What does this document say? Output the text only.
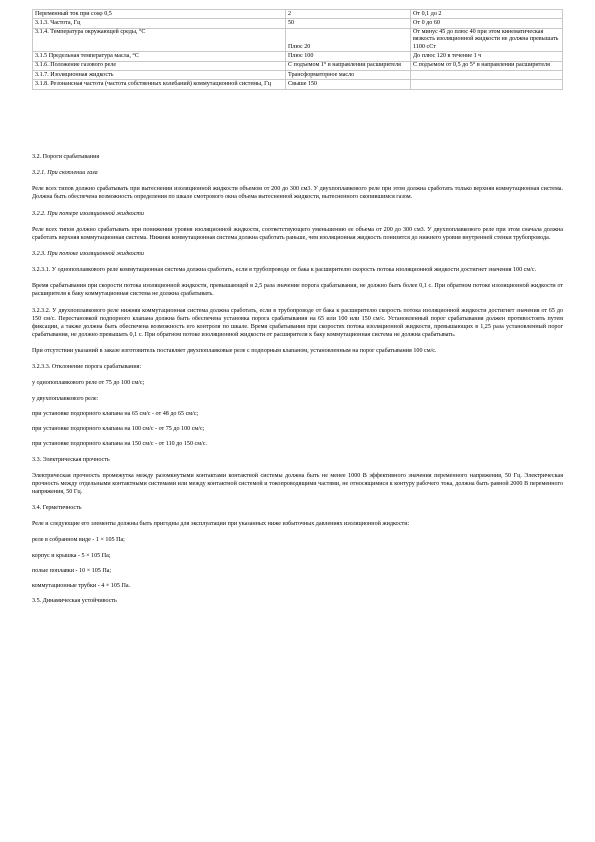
Переменный ток при cosφ 0,5	2	От 0,1 до 2
3.1.3. Частота, Гц	50	От 0 до 60
3.1.4. Температура окружающей среды, °С	Плюс 20	От минус 45 до плюс 40 при этом кинематическая вязкость изоляционной жидкости не должна превышать 1100 сСт
3.1.5 Предельная температура масла, °С	Плюс 100	До плюс 120 в течение 1 ч
3.1.6. Положение газового реле	С подъемом 1° в направлении расширителя	С подъемом от 0,5 до 5° в направлении расширителя
3.1.7. Изоляционная жидкость	Трансформаторное масло	
3.1.8. Резонансная частота (частота собственных колебаний) коммутационной системы, Гц	Свыше 150	

3.2. Пороги срабатывания

3.2.1. При скоплении газа

Реле всех типов должно срабатывать при вытеснении изоляционной жидкости объемом от 200 до 300 см3. У двухпоплавкового реле при этом должна сработать только верхняя коммутационная система. Должна быть обеспечена возможность определения по шкале смотрового окна объема вытесненной жидкости, вытесненного скопившимся газом.

3.2.2. При потере изоляционной жидкости

Реле всех типов должно срабатывать при понижении уровня изоляционной жидкости, соответствующего уменьшению ее объема от 200 до 300 см3. У двухпоплавкового реле при этом сначала должна сработать верхняя коммутационная система. Нижняя коммутационная система должна сработать раньше, чем изоляционная жидкость понизится до нижнего уровня внутренней стенки трубопровода.

3.2.3. При потоке изоляционной жидкости

3.2.3.1. У однопоплавкового реле коммутационная система должна сработать, если в трубопроводе от бака к расширителю скорость потока изоляционной жидкости достигнет значения 100 см/с.

Время срабатывания при скорости потока изоляционной жидкости, превышающей в 2,5 раза значение порога срабатывания, не должно быть более 0,1 с. При обратном потоке изоляционной жидкости от расширителя к баку коммутационная система не должна срабатывать.

3.2.3.2. У двухпоплавкового реле нижняя коммутационная система должна сработать, если в трубопроводе от бака к расширителю скорость потока изоляционной жидкости достигнет значения от 65 до 150 см/с. Перестановкой подпорного клапана должна быть обеспечена установка порога срабатывания на 65 или 100 или 150 см/с. Установленный порог срабатывания должен противостоять путем фиксации, а также должна быть обеспечена возможность его контроля по шкале. Время срабатывания при скоростях потока изоляционной жидкости, превышающих в 1,25 раза установленный порог срабатывания, не должно превышать 0,1 с. При обратном потоке изоляционной жидкости от расширителя к баку коммутационная система не должна срабатывать.

При отсутствии указаний в заказе изготовитель поставляет двухпоплавковые реле с подпорным клапаном, установленным на порог срабатывания 100 см/с.

3.2.3.3. Отклонение порога срабатывания:

у однопоплавкового реле от 75 до 100 см/с;

у двухпоплавкового реле:

при установке подпорного клапана на 65 см/с - от 48 до 65 см/с;

при установке подпорного клапана на 100 см/с - от 75 до 100 см/с;

при установке подпорного клапана на 150 см/с - от 110 до 150 см/с.

3.3. Электрическая прочность

Электрическая прочность промежутка между разомкнутыми контактами контактной системы должна быть не менее 1000 В эффективного значения переменного напряжения, 50 Гц. Электрическая прочность между отдельными контактными системами или между контактной системой и токопроводящими частями, не относящимися к контуру рабочего тока, должна быть равной 2000 В переменного напряжения, 50 Гц.

3.4. Герметичность

Реле и следующие его элементы должны быть пригодны для эксплуатации при указанных ниже избыточных давлениях изоляционной жидкости:

реле в собранном виде - 1 × 105 Па;

корпус и крышка - 5 × 105 Па;

полые поплавки - 10 × 105 Па;

коммутационные трубки - 4 × 105 Па.

3.5. Динамическая устойчивость
